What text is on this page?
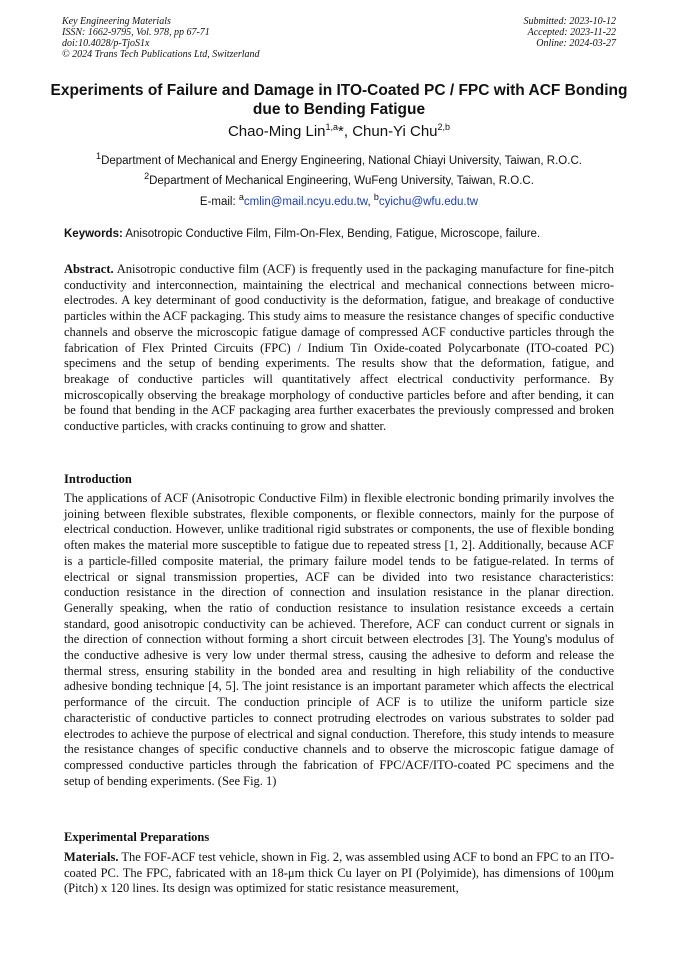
Key Engineering Materials
ISSN: 1662-9795, Vol. 978, pp 67-71
doi:10.4028/p-TjoS1x
© 2024 Trans Tech Publications Ltd, Switzerland
Submitted: 2023-10-12
Accepted: 2023-11-22
Online: 2024-03-27
Experiments of Failure and Damage in ITO-Coated PC / FPC with ACF Bonding due to Bending Fatigue
Chao-Ming Lin$^{1,a}$*, Chun-Yi Chu$^{2,b}$
$^1$Department of Mechanical and Energy Engineering, National Chiayi University, Taiwan, R.O.C.
$^2$Department of Mechanical Engineering, WuFeng University, Taiwan, R.O.C.
E-mail: $^a$cmlin@mail.ncyu.edu.tw, $^b$cyichu@wfu.edu.tw
Keywords: Anisotropic Conductive Film, Film-On-Flex, Bending, Fatigue, Microscope, failure.
Abstract. Anisotropic conductive film (ACF) is frequently used in the packaging manufacture for fine-pitch conductivity and interconnection, maintaining the electrical and mechanical connections between micro-electrodes. A key determinant of good conductivity is the deformation, fatigue, and breakage of conductive particles within the ACF packaging. This study aims to measure the resistance changes of specific conductive channels and observe the microscopic fatigue damage of compressed ACF conductive particles through the fabrication of Flex Printed Circuits (FPC) / Indium Tin Oxide-coated Polycarbonate (ITO-coated PC) specimens and the setup of bending experiments. The results show that the deformation, fatigue, and breakage of conductive particles will quantitatively affect electrical conductivity performance. By microscopically observing the breakage morphology of conductive particles before and after bending, it can be found that bending in the ACF packaging area further exacerbates the previously compressed and broken conductive particles, with cracks continuing to grow and shatter.
Introduction
The applications of ACF (Anisotropic Conductive Film) in flexible electronic bonding primarily involves the joining between flexible substrates, flexible components, or flexible connectors, mainly for the purpose of electrical conduction. However, unlike traditional rigid substrates or components, the use of flexible bonding often makes the material more susceptible to fatigue due to repeated stress [1, 2]. Additionally, because ACF is a particle-filled composite material, the primary failure model tends to be fatigue-related. In terms of electrical or signal transmission properties, ACF can be divided into two resistance characteristics: conduction resistance in the direction of connection and insulation resistance in the planar direction. Generally speaking, when the ratio of conduction resistance to insulation resistance exceeds a certain standard, good anisotropic conductivity can be achieved. Therefore, ACF can conduct current or signals in the direction of connection without forming a short circuit between electrodes [3]. The Young's modulus of the conductive adhesive is very low under thermal stress, causing the adhesive to deform and release the thermal stress, ensuring stability in the bonded area and resulting in high reliability of the conductive adhesive bonding technique [4, 5]. The joint resistance is an important parameter which affects the electrical performance of the circuit. The conduction principle of ACF is to utilize the uniform particle size characteristic of conductive particles to connect protruding electrodes on various substrates to solder pad electrodes to achieve the purpose of electrical and signal conduction. Therefore, this study intends to measure the resistance changes of specific conductive channels and to observe the microscopic fatigue damage of compressed conductive particles through the fabrication of FPC/ACF/ITO-coated PC specimens and the setup of bending experiments. (See Fig. 1)
Experimental Preparations
Materials. The FOF-ACF test vehicle, shown in Fig. 2, was assembled using ACF to bond an FPC to an ITO-coated PC. The FPC, fabricated with an 18-μm thick Cu layer on PI (Polyimide), has dimensions of 100μm (Pitch) x 120 lines. Its design was optimized for static resistance measurement,
